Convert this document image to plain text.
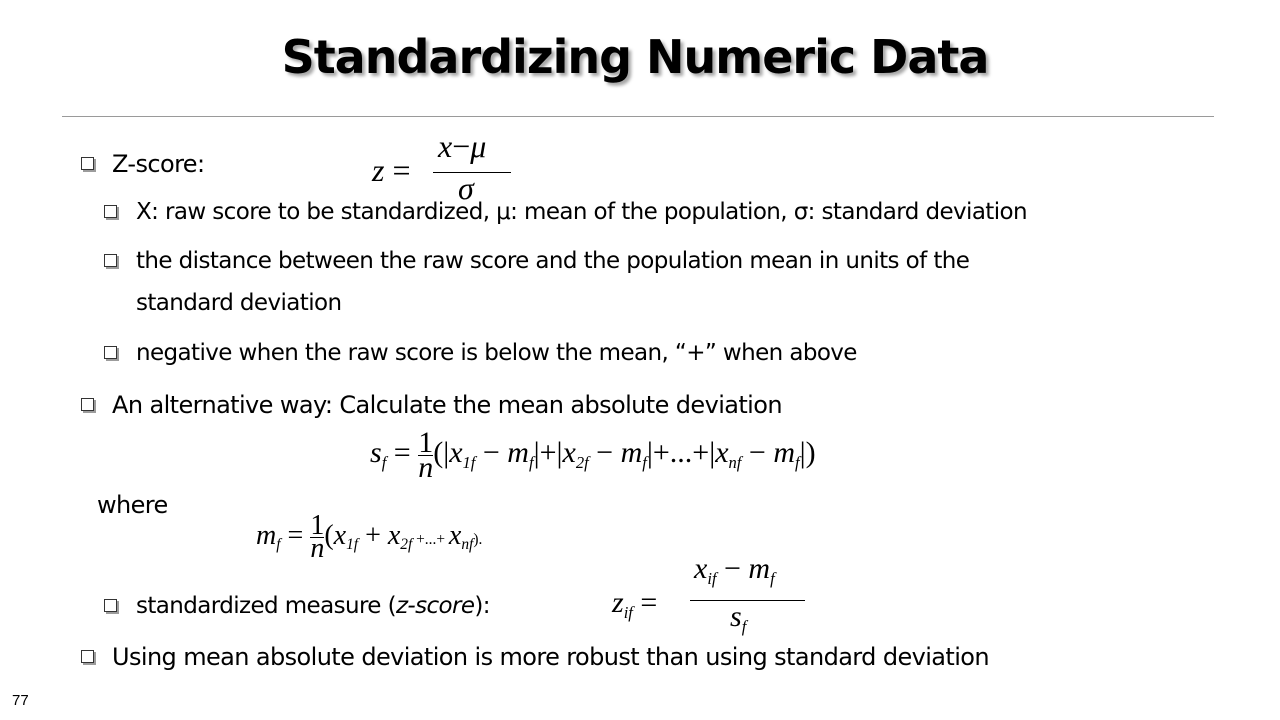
Standardizing Numeric Data
Z-score:	z =
x−μ
σ
X: raw score to be standardized, μ: mean of the population, σ: standard deviation
the distance between the raw score and the population mean in units of the
standard deviation
negative when the raw score is below the mean, “+” when above
An alternative way: Calculate the mean absolute deviation
sf = $\frac{1}{n} (|x1f - mf|+|x2f - mf|+...+|xnf - mf|)$
where
mf = $\frac{1}{n} (x1f + x2f$ +...+ xnf).
standardized measure (z-score):	zif =
xif − mf
sf
Using mean absolute deviation is more robust than using standard deviation
77
